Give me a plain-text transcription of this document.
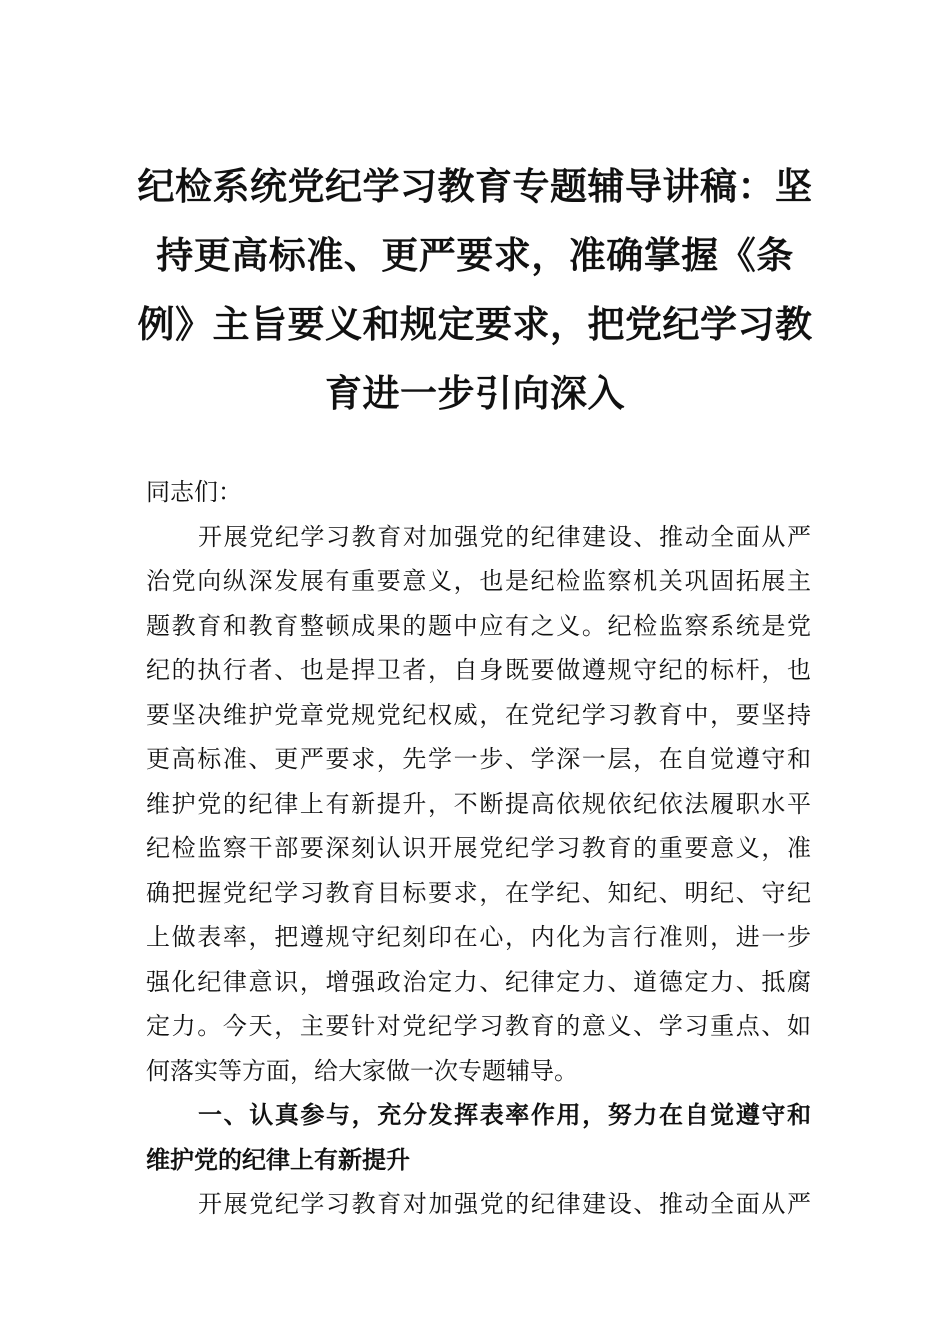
纪检系统党纪学习教育专题辅导讲稿：坚
持更高标准、更严要求，准确掌握《条
例》主旨要义和规定要求，把党纪学习教
育进一步引向深入
同志们：
开展党纪学习教育对加强党的纪律建设、推动全面从严
治党向纵深发展有重要意义，也是纪检监察机关巩固拓展主
题教育和教育整顿成果的题中应有之义。纪检监察系统是党
纪的执行者、也是捍卫者，自身既要做遵规守纪的标杆，也
要坚决维护党章党规党纪权威，在党纪学习教育中，要坚持
更高标准、更严要求，先学一步、学深一层，在自觉遵守和
维护党的纪律上有新提升，不断提高依规依纪依法履职水平
纪检监察干部要深刻认识开展党纪学习教育的重要意义，准
确把握党纪学习教育目标要求，在学纪、知纪、明纪、守纪
上做表率，把遵规守纪刻印在心，内化为言行准则，进一步
强化纪律意识，增强政治定力、纪律定力、道德定力、抵腐
定力。今天，主要针对党纪学习教育的意义、学习重点、如
何落实等方面，给大家做一次专题辅导。
一、认真参与，充分发挥表率作用，努力在自觉遵守和
维护党的纪律上有新提升
开展党纪学习教育对加强党的纪律建设、推动全面从严
